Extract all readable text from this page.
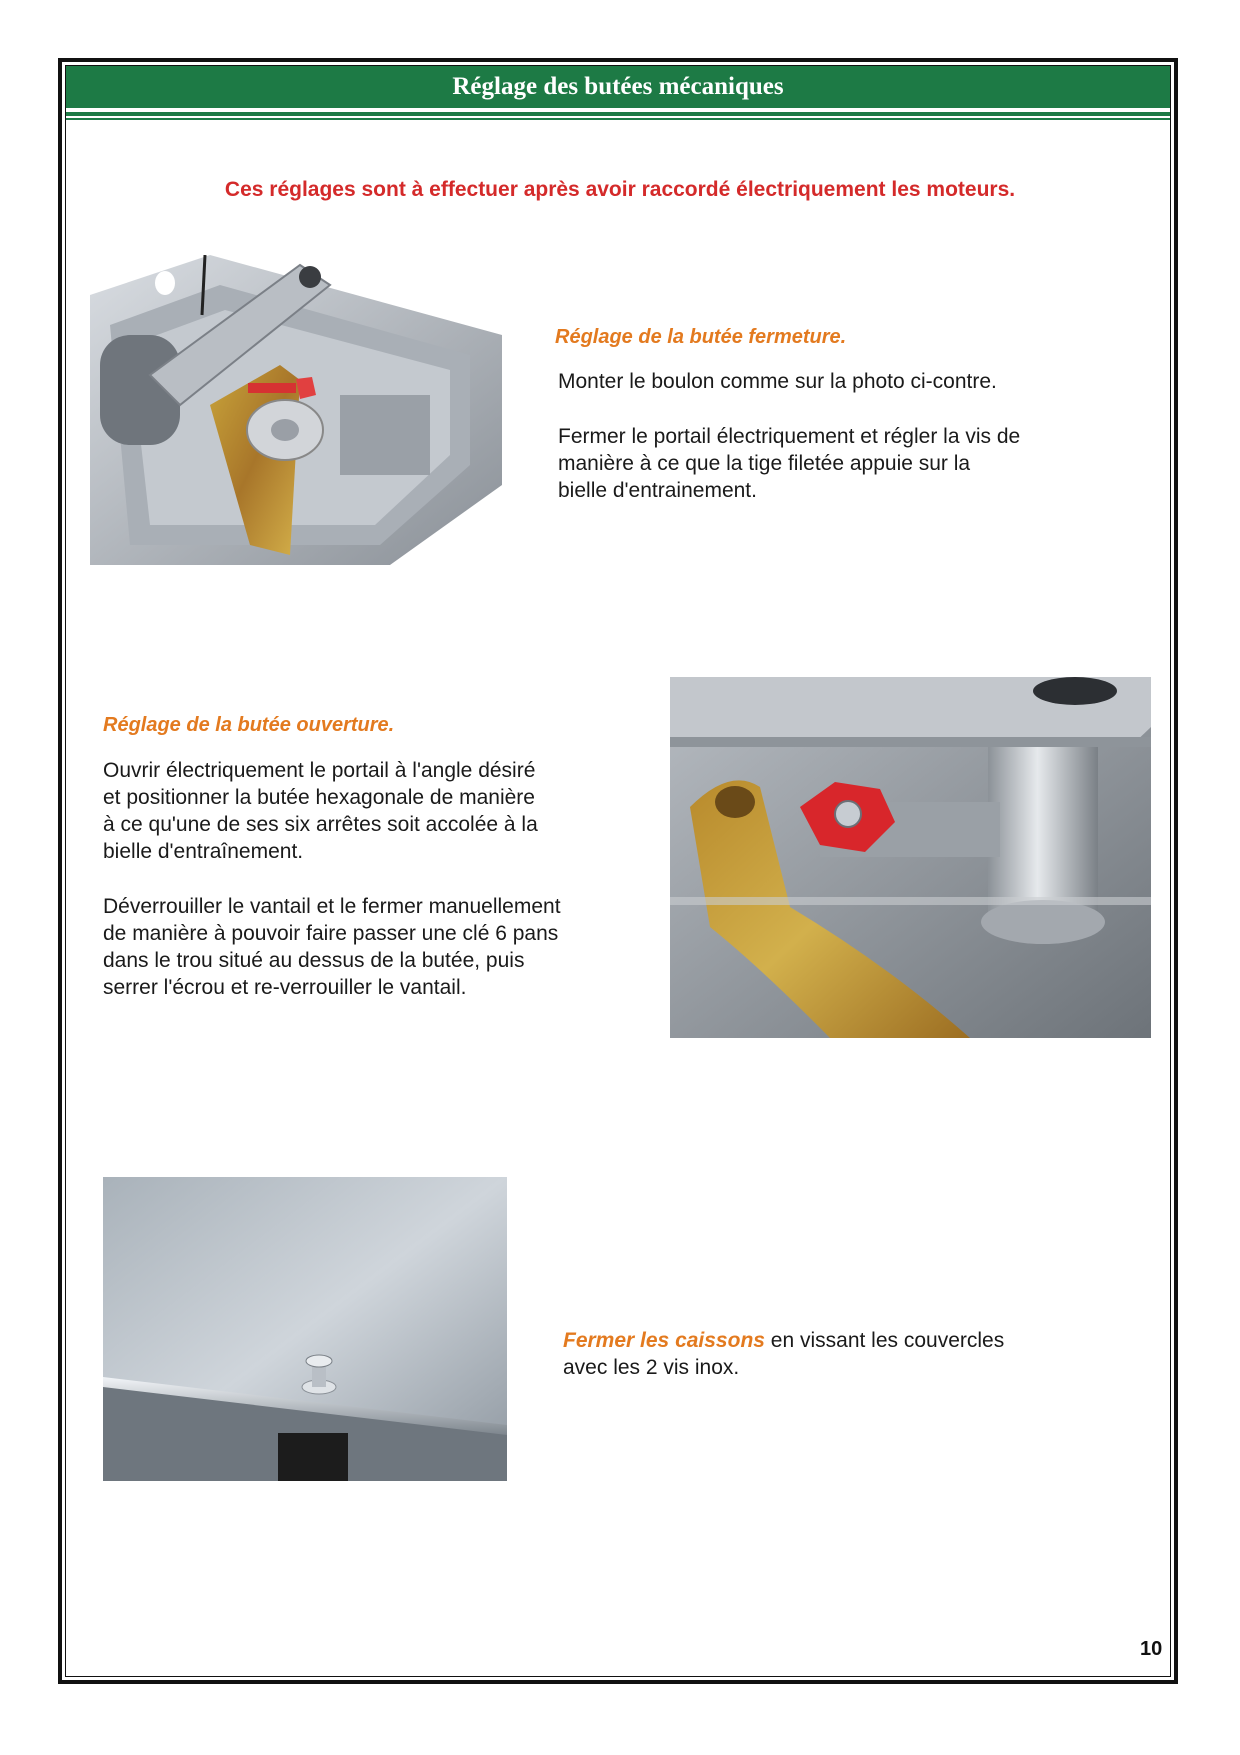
Réglage des butées mécaniques
Ces réglages sont à effectuer après avoir raccordé électriquement les moteurs.
Réglage de la butée fermeture.

Monter le boulon comme sur la photo ci-contre.

Fermer le portail électriquement et régler la vis de
manière à ce que la tige filetée appuie sur la
bielle d'entrainement.

Réglage de la butée ouverture.

Ouvrir électriquement le portail à l'angle désiré
et positionner la butée hexagonale de manière
à ce qu'une de ses six arrêtes soit accolée à la
bielle d'entraînement.

Déverrouiller le vantail et le fermer manuellement
de manière à pouvoir faire passer une clé 6 pans
dans le trou situé au dessus de la butée, puis
serrer l'écrou et re-verrouiller le vantail.

Fermer les caissons en vissant les couvercles
avec les 2 vis inox.

10
